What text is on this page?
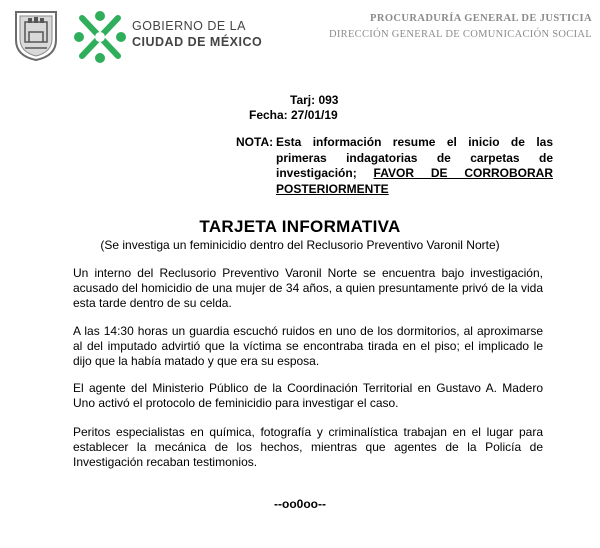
GOBIERNO DE LA
CIUDAD DE MÉXICO
PROCURADURÍA GENERAL DE JUSTICIA
DIRECCIÓN GENERAL DE COMUNICACIÓN SOCIAL
Tarj: 093
Fecha: 27/01/19
NOTA: Esta información resume el inicio de las primeras indagatorias de carpetas de investigación; FAVOR DE CORROBORAR POSTERIORMENTE
TARJETA INFORMATIVA
(Se investiga un feminicidio dentro del Reclusorio Preventivo Varonil Norte)
Un interno del Reclusorio Preventivo Varonil Norte se encuentra bajo investigación, acusado del homicidio de una mujer de 34 años, a quien presuntamente privó de la vida esta tarde dentro de su celda.
A las 14:30 horas un guardia escuchó ruidos en uno de los dormitorios, al aproximarse al del imputado advirtió que la víctima se encontraba tirada en el piso; el implicado le dijo que la había matado y que era su esposa.
El agente del Ministerio Público de la Coordinación Territorial en Gustavo A. Madero Uno activó el protocolo de feminicidio para investigar el caso.
Peritos especialistas en química, fotografía y criminalística trabajan en el lugar para establecer la mecánica de los hechos, mientras que agentes de la Policía de Investigación recaban testimonios.
--oo0oo--
